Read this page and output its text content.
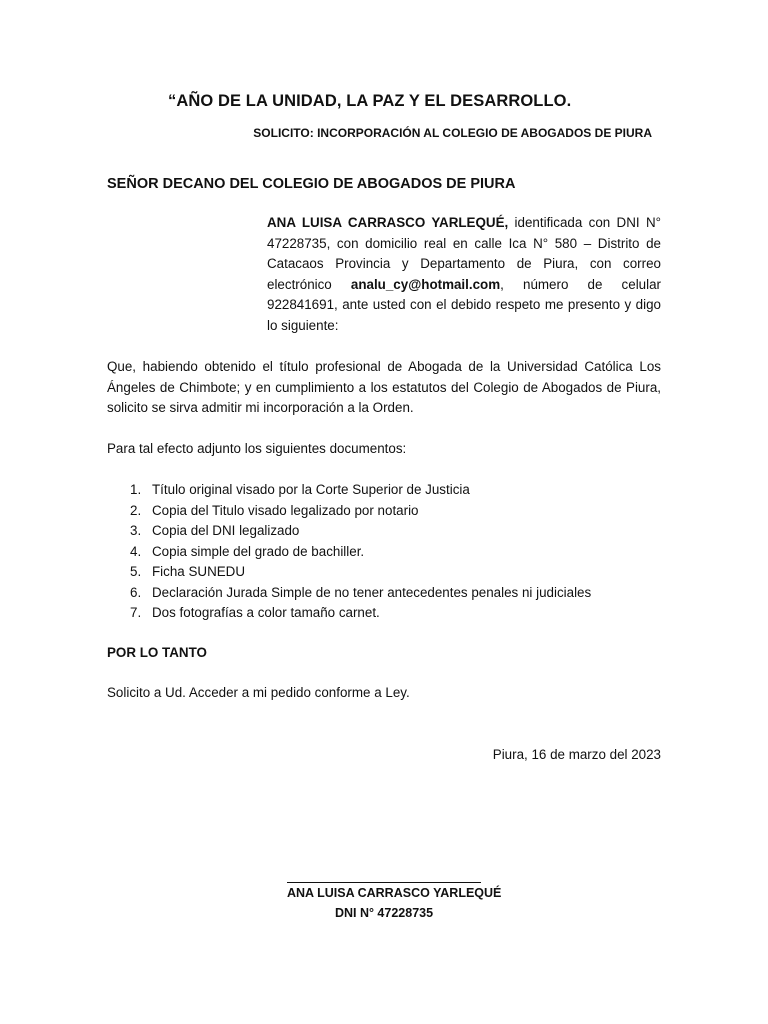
“AÑO DE LA UNIDAD, LA PAZ Y EL DESARROLLO.
SOLICITO: INCORPORACIÓN AL COLEGIO DE ABOGADOS DE PIURA
SEÑOR DECANO DEL COLEGIO DE ABOGADOS DE PIURA
ANA LUISA CARRASCO YARLEQUÉ, identificada con DNI N° 47228735, con domicilio real en calle Ica N° 580 – Distrito de Catacaos Provincia y Departamento de Piura, con correo electrónico analu_cy@hotmail.com, número de celular 922841691, ante usted con el debido respeto me presento y digo lo siguiente:
Que, habiendo obtenido el título profesional de Abogada de la Universidad Católica Los Ángeles de Chimbote; y en cumplimiento a los estatutos del Colegio de Abogados de Piura, solicito se sirva admitir mi incorporación a la Orden.
Para tal efecto adjunto los siguientes documentos:
1. Título original visado por la Corte Superior de Justicia
2. Copia del Titulo visado legalizado por notario
3. Copia del DNI legalizado
4. Copia simple del grado de bachiller.
5. Ficha SUNEDU
6. Declaración Jurada Simple de no tener antecedentes penales ni judiciales
7. Dos fotografías a color tamaño carnet.
POR LO TANTO
Solicito a Ud. Acceder a mi pedido conforme a Ley.
Piura, 16 de marzo del 2023
ANA LUISA CARRASCO YARLEQUÉ
DNI N° 47228735
